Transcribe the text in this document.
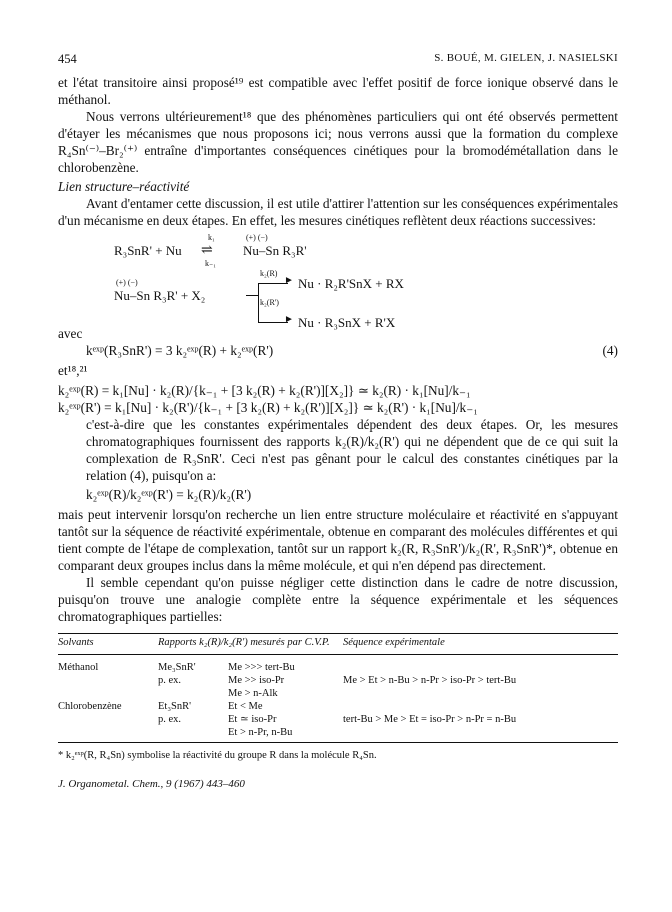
454	S. BOUÉ, M. GIELEN, J. NASIELSKI

et l'état transitoire ainsi proposé¹⁹ est compatible avec l'effet positif de force ionique observé dans le méthanol.

Nous verrons ultérieurement¹⁸ que des phénomènes particuliers qui ont été observés permettent d'étayer les mécanismes que nous proposons ici; nous verrons aussi que la formation du complexe R₄Sn⁽⁻⁾–Br₂⁽⁺⁾ entraîne d'importantes conséquences cinétiques pour la bromodémétallation dans le chlorobenzène.

Lien structure–réactivité

Avant d'entamer cette discussion, il est utile d'attirer l'attention sur les conséquences expérimentales d'un mécanisme en deux étapes. En effet, les mesures cinétiques reflètent deux réactions successives:

k₁	(+) (−)
R₃SnR' + Nu ⇌ Nu–Sn R₃R'
k₋₁
k₂(R)
(+) (−)
Nu–Sn R₃R' + X₂
►
►
Nu · R₂R'SnX + RX
k₂(R')
Nu · R₃SnX + R'X
avec
kᵉˣᵖ(R₃SnR') = 3 k₂ᵉˣᵖ(R) + k₂ᵉˣᵖ(R')	(4)
et¹⁸,²¹
k₂ᵉˣᵖ(R) = k₁[Nu] · k₂(R)/{k₋₁ + [3 k₂(R) + k₂(R')][X₂]} ≃ k₂(R) · k₁[Nu]/k₋₁
k₂ᵉˣᵖ(R') = k₁[Nu] · k₂(R')/{k₋₁ + [3 k₂(R) + k₂(R')][X₂]} ≃ k₂(R') · k₁[Nu]/k₋₁

c'est-à-dire que les constantes expérimentales dépendent des deux étapes. Or, les mesures chromatographiques fournissent des rapports k₂(R)/k₂(R') qui ne dépendent que de ce qui suit la complexation de R₃SnR'. Ceci n'est pas gênant pour le calcul des constantes cinétiques par la relation (4), puisqu'on a:

k₂ᵉˣᵖ(R)/k₂ᵉˣᵖ(R') = k₂(R)/k₂(R')

mais peut intervenir lorsqu'on recherche un lien entre structure moléculaire et réactivité en s'appuyant tantôt sur la séquence de réactivité expérimentale, obtenue en comparant des molécules différentes et qui tient compte de l'étape de complexation, tantôt sur un rapport k₂(R, R₃SnR')/k₂(R', R₃SnR')*, obtenue en comparant deux groupes inclus dans la même molécule, et qui n'en dépend pas directement.

Il semble cependant qu'on puisse négliger cette distinction dans le cadre de notre discussion, puisqu'on trouve une analogie complète entre la séquence expérimentale et les séquences chromatographiques partielles:

Solvants	Rapports k₂(R)/k₂(R') mesurés par C.V.P.	Séquence expérimentale

Méthanol	Me₃SnR' Me >>> tert-Bu	
	p. ex. Me >> iso-Pr	Me > Et > n-Bu > n-Pr > iso-Pr > tert-Bu
	Me > n-Alk	
Chlorobenzène	Et₃SnR' Et < Me	
	p. ex. Et ≃ iso-Pr	tert-Bu > Me > Et = iso-Pr > n-Pr = n-Bu
	Et > n-Pr, n-Bu	
* k₂ᵉˣᵖ(R, R₄Sn) symbolise la réactivité du groupe R dans la molécule R₄Sn.
J. Organometal. Chem., 9 (1967) 443–460
